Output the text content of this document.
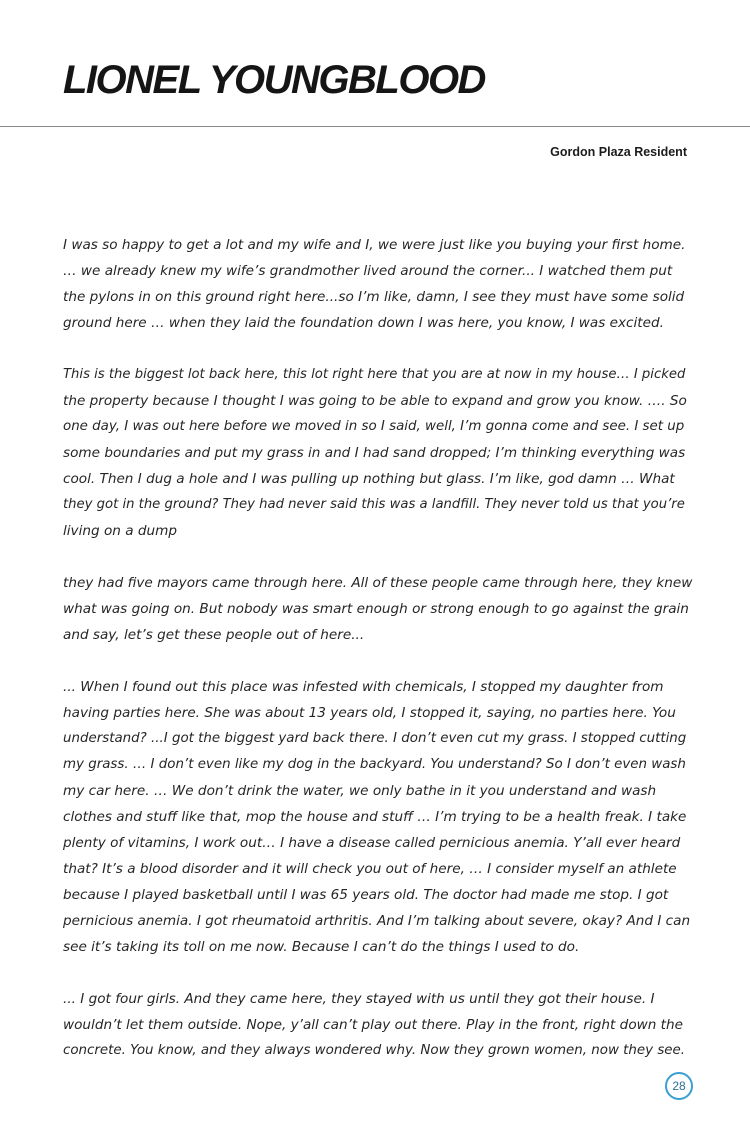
LIONEL YOUNGBLOOD
Gordon Plaza Resident

I was so happy to get a lot and my wife and I, we were just like you buying your first home.
… we already knew my wife’s grandmother lived around the corner... I watched them put
the pylons in on this ground right here...so I’m like, damn, I see they must have some solid
ground here … when they laid the foundation down I was here, you know, I was excited.

This is the biggest lot back here, this lot right here that you are at now in my house… I picked
the property because I thought I was going to be able to expand and grow you know. …. So
one day, I was out here before we moved in so I said, well, I’m gonna come and see. I set up
some boundaries and put my grass in and I had sand dropped; I’m thinking everything was
cool. Then I dug a hole and I was pulling up nothing but glass. I’m like, god damn … What
they got in the ground? They had never said this was a landfill. They never told us that you’re
living on a dump

they had five mayors came through here. All of these people came through here, they knew
what was going on. But nobody was smart enough or strong enough to go against the grain
and say, let’s get these people out of here...

... When I found out this place was infested with chemicals, I stopped my daughter from
having parties here. She was about 13 years old, I stopped it, saying, no parties here. You
understand? ...I got the biggest yard back there. I don’t even cut my grass. I stopped cutting
my grass. … I don’t even like my dog in the backyard. You understand? So I don’t even wash
my car here. … We don’t drink the water, we only bathe in it you understand and wash
clothes and stuff like that, mop the house and stuff … I’m trying to be a health freak. I take
plenty of vitamins, I work out… I have a disease called pernicious anemia. Y’all ever heard
that? It’s a blood disorder and it will check you out of here, … I consider myself an athlete
because I played basketball until I was 65 years old. The doctor had made me stop. I got
pernicious anemia. I got rheumatoid arthritis. And I’m talking about severe, okay? And I can
see it’s taking its toll on me now. Because I can’t do the things I used to do.

... I got four girls. And they came here, they stayed with us until they got their house. I
wouldn’t let them outside. Nope, y’all can’t play out there. Play in the front, right down the
concrete. You know, and they always wondered why. Now they grown women, now they see.

28
